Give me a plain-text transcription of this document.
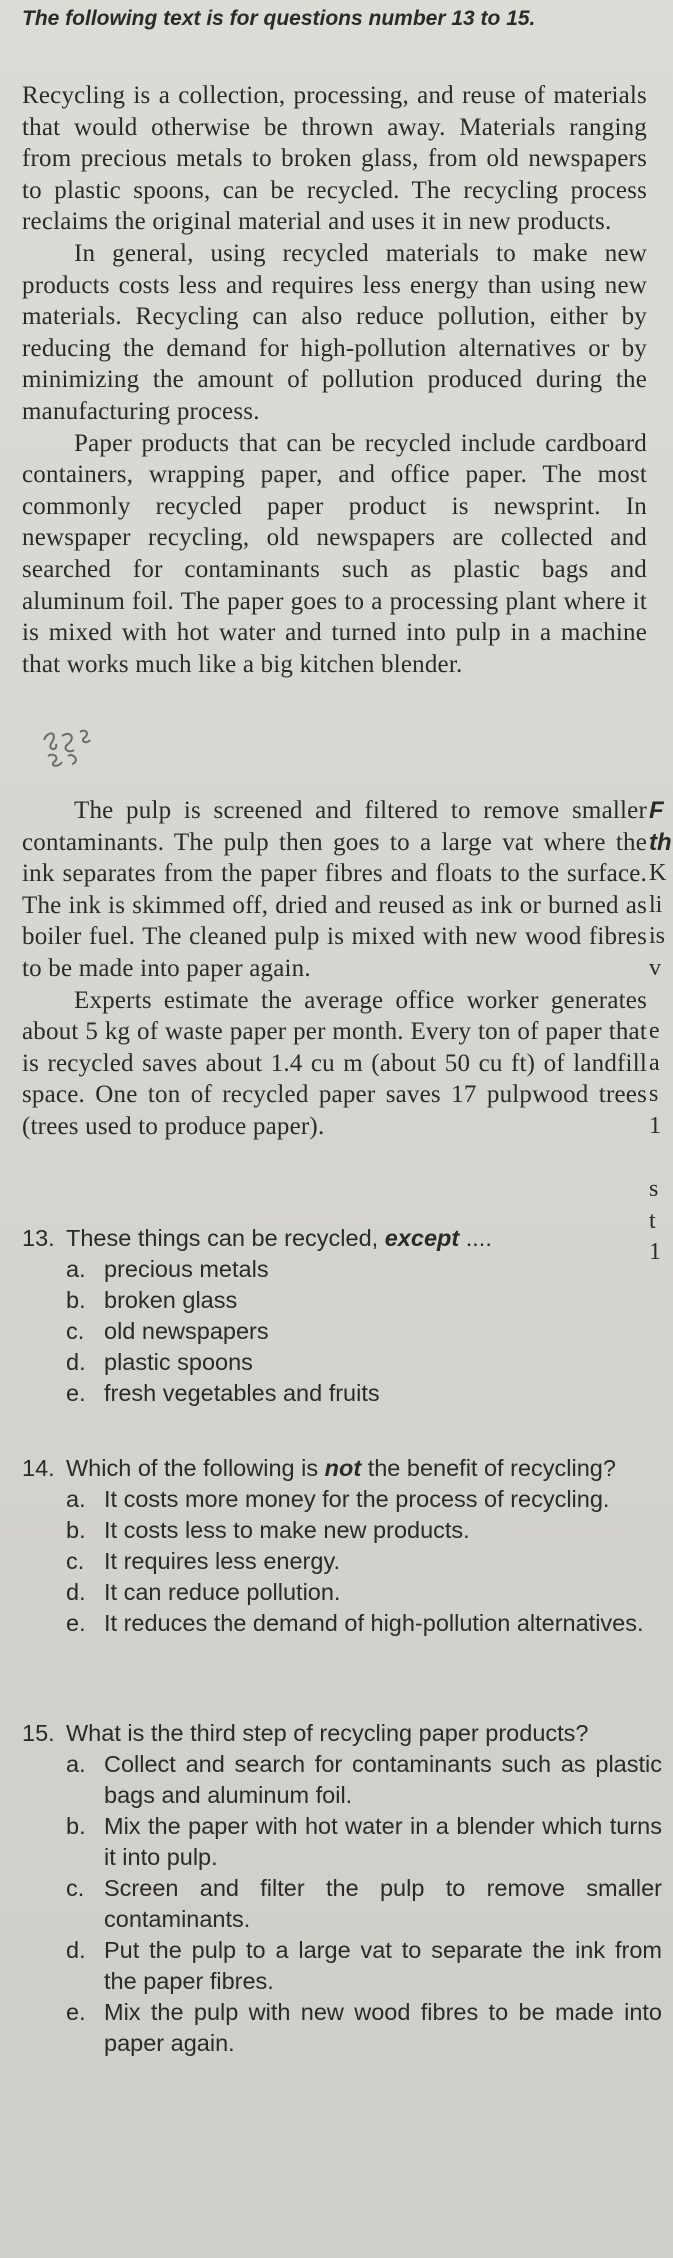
The following text is for questions number 13 to 15.

Recycling is a collection, processing, and reuse of materials that would otherwise be thrown away. Materials ranging from precious metals to broken glass, from old newspapers to plastic spoons, can be recycled. The recycling process reclaims the original material and uses it in new products.

In general, using recycled materials to make new products costs less and requires less energy than using new materials. Recycling can also reduce pollution, either by reducing the demand for high-pollution alternatives or by minimizing the amount of pollution produced during the manufacturing process.

Paper products that can be recycled include cardboard containers, wrapping paper, and office paper. The most commonly recycled paper product is newsprint. In newspaper recycling, old newspapers are collected and searched for contaminants such as plastic bags and aluminum foil. The paper goes to a processing plant where it is mixed with hot water and turned into pulp in a machine that works much like a big kitchen blender.

The pulp is screened and filtered to remove smaller contaminants. The pulp then goes to a large vat where the ink separates from the paper fibres and floats to the surface. The ink is skimmed off, dried and reused as ink or burned as boiler fuel. The cleaned pulp is mixed with new wood fibres to be made into paper again.

Experts estimate the average office worker generates about 5 kg of waste paper per month. Every ton of paper that is recycled saves about 1.4 cu m (about 50 cu ft) of landfill space. One ton of recycled paper saves 17 pulpwood trees (trees used to produce paper).

F
th
K
li
is
v
e
a
s
1
s
t
1
13. These things can be recycled, except ....
a. precious metals
b. broken glass
c. old newspapers
d. plastic spoons
e. fresh vegetables and fruits
14. Which of the following is not the benefit of recycling?
a. It costs more money for the process of recycling.
b. It costs less to make new products.
c. It requires less energy.
d. It can reduce pollution.
e. It reduces the demand of high-pollution alternatives.
15. What is the third step of recycling paper products?
a. Collect and search for contaminants such as plastic bags and aluminum foil.
b. Mix the paper with hot water in a blender which turns it into pulp.
c. Screen and filter the pulp to remove smaller contaminants.
d. Put the pulp to a large vat to separate the ink from the paper fibres.
e. Mix the pulp with new wood fibres to be made into paper again.
